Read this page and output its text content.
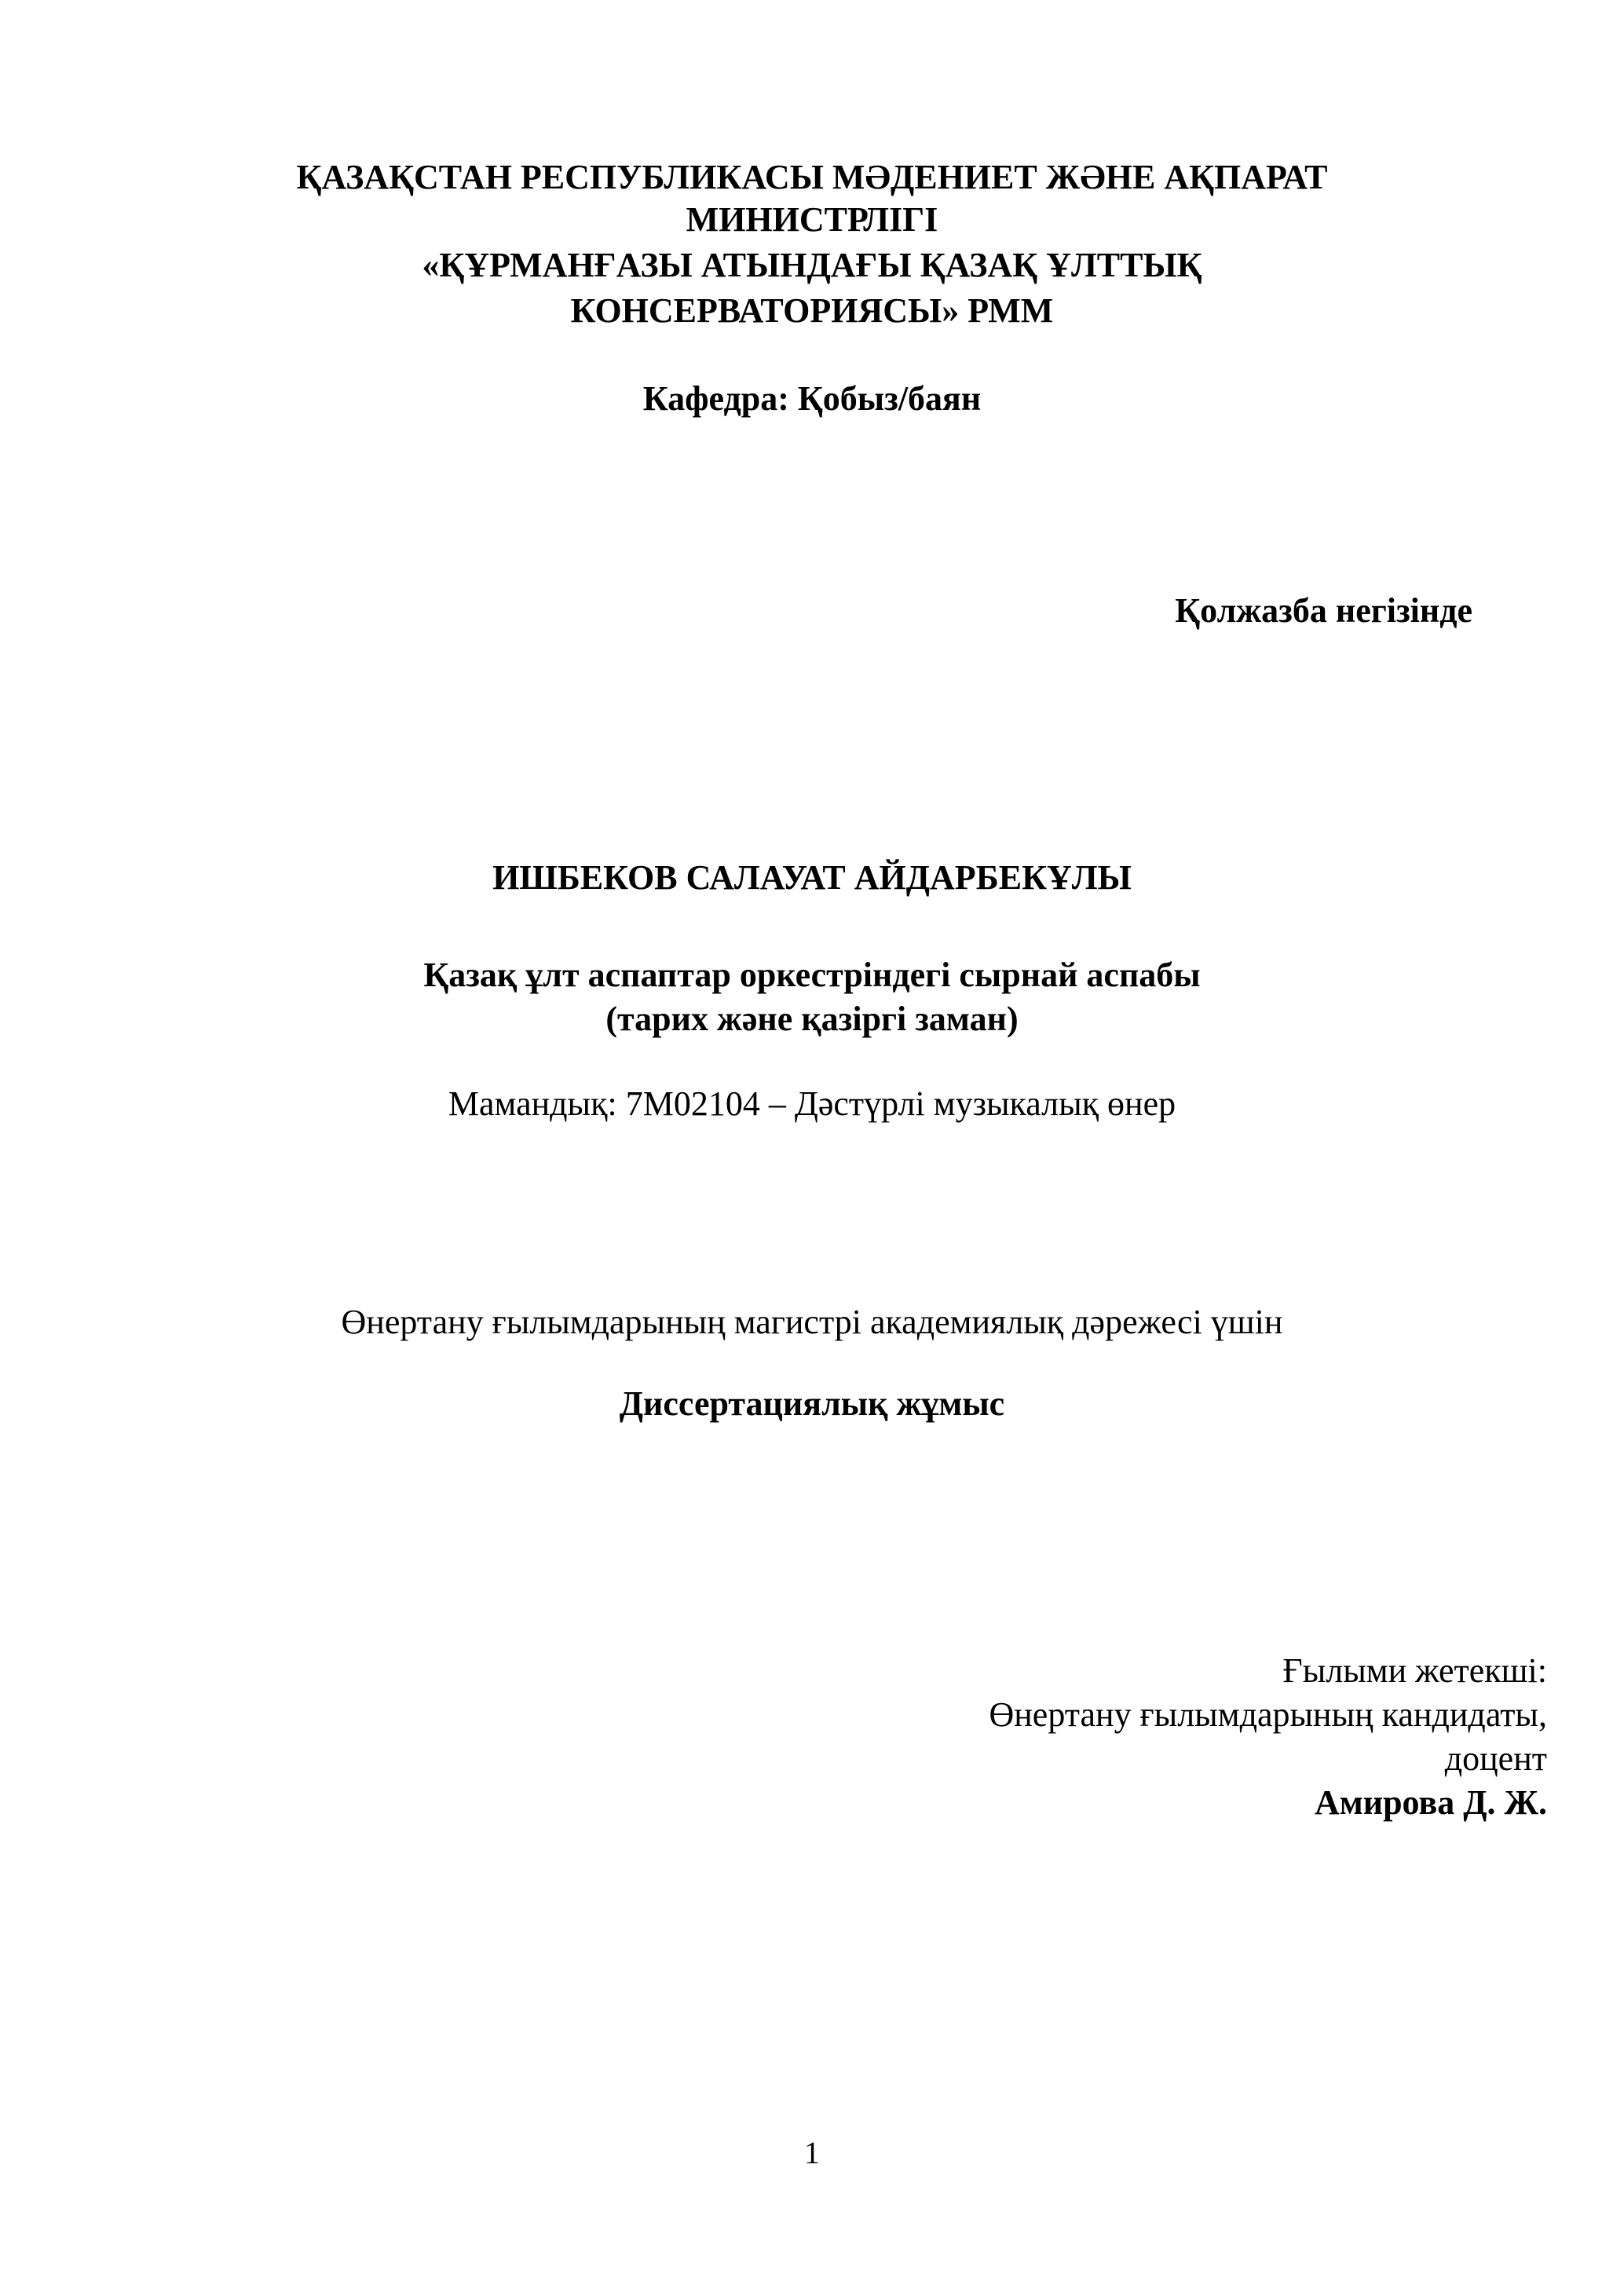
ҚАЗАҚСТАН РЕСПУБЛИКАСЫ МӘДЕНИЕТ ЖӘНЕ АҚПАРАТ
МИНИСТРЛІГІ
«ҚҰРМАНҒАЗЫ АТЫНДАҒЫ ҚАЗАҚ ҰЛТТЫҚ
КОНСЕРВАТОРИЯСЫ» РММ
Кафедра: Қобыз/баян
Қолжазба негізінде
ИШБЕКОВ САЛАУАТ АЙДАРБЕКҰЛЫ
Қазақ ұлт аспаптар оркестріндегі сырнай аспабы
(тарих және қазіргі заман)
Мамандық: 7М02104 – Дәстүрлі музыкалық өнер
Өнертану ғылымдарының магистрі академиялық дәрежесі үшін
Диссертациялық жұмыс
Ғылыми жетекші:
Өнертану ғылымдарының кандидаты,
доцент
Амирова Д. Ж.
1
